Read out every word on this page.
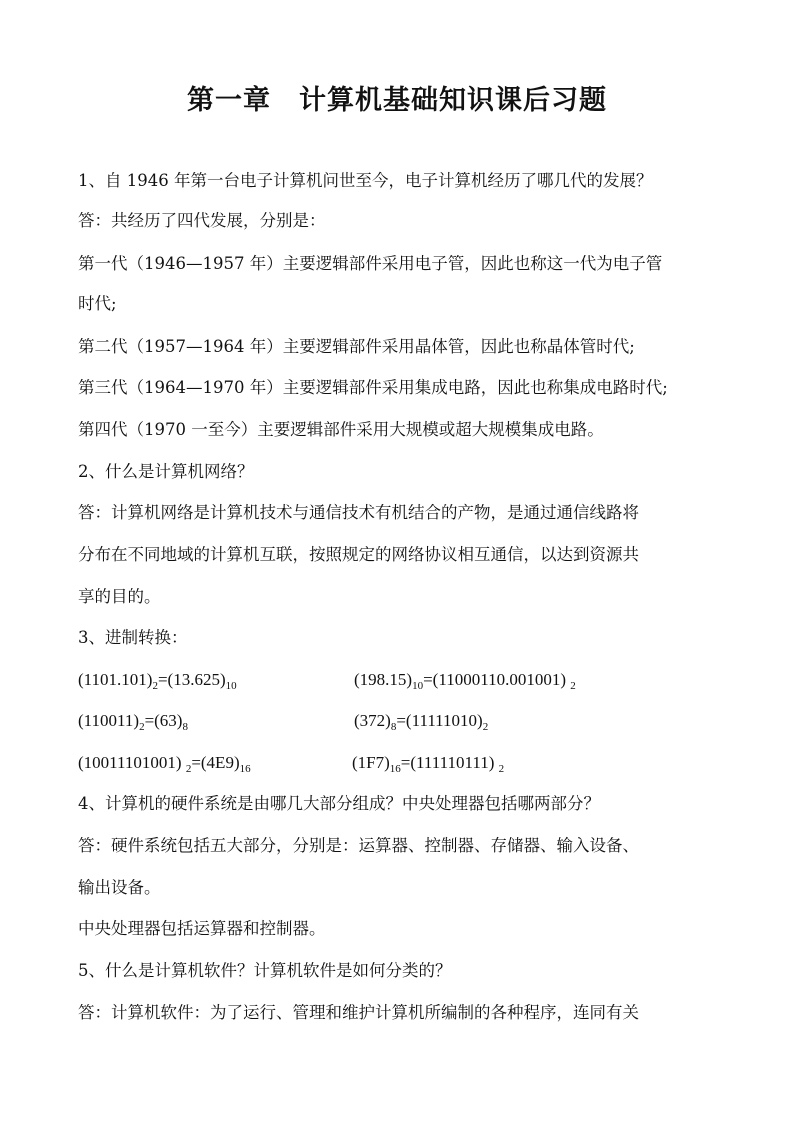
第一章　计算机基础知识课后习题
1、自 1946 年第一台电子计算机问世至今，电子计算机经历了哪几代的发展？
答：共经历了四代发展，分别是：
第一代（1946—1957 年）主要逻辑部件采用电子管，因此也称这一代为电子管
时代;
第二代（1957—1964 年）主要逻辑部件采用晶体管，因此也称晶体管时代;
第三代（1964—1970 年）主要逻辑部件采用集成电路，因此也称集成电路时代;
第四代（1970 一至今）主要逻辑部件采用大规模或超大规模集成电路。
2、什么是计算机网络？
答：计算机网络是计算机技术与通信技术有机结合的产物，是通过通信线路将
分布在不同地域的计算机互联，按照规定的网络协议相互通信，以达到资源共
享的目的。
3、进制转换：
$(1101.101)_2=(13.625)_{10}$	$(198.15)_{10}=(11000110.001001)$ $_2$
$(110011)_2=(63)_8$	$(372)_8=(11111010)_2$
(10011101001) $_2=(4E9)_{16}$	$(1F7)_{16}=(111110111)$ $_2$
4、计算机的硬件系统是由哪几大部分组成？中央处理器包括哪两部分？
答：硬件系统包括五大部分，分别是：运算器、控制器、存储器、输入设备、
输出设备。
中央处理器包括运算器和控制器。
5、什么是计算机软件？计算机软件是如何分类的？
答：计算机软件：为了运行、管理和维护计算机所编制的各种程序，连同有关
